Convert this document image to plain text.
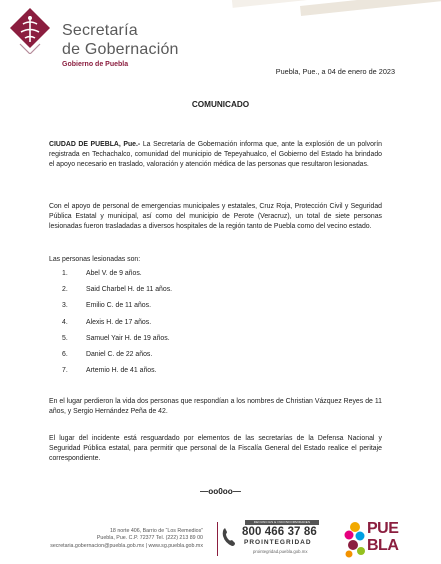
Secretaría
de Gobernación
Gobierno de Puebla
Puebla, Pue., a 04 de enero de 2023
COMUNICADO

CIUDAD DE PUEBLA, Pue.- La Secretaría de Gobernación informa que, ante la explosión de un polvorín registrada en Techachalco, comunidad del municipio de Tepeyahualco, el Gobierno del Estado ha brindado el apoyo necesario en traslado, valoración y atención médica de las personas que resultaron lesionadas.

Con el apoyo de personal de emergencias municipales y estatales, Cruz Roja, Protección Civil y Seguridad Pública Estatal y municipal, así como del municipio de Perote (Veracruz), un total de siete personas lesionadas fueron trasladadas a diversos hospitales de la región tanto de Puebla como del vecino estado.

Las personas lesionadas son:

1.	Abel V. de 9 años.
2.	Said Charbel H. de 11 años.
3.	Emilio C. de 11 años.
4.	Alexis H. de 17 años.
5.	Samuel Yair H. de 19 años.
6.	Daniel C. de 22 años.
7.	Artemio H. de 41 años.

En el lugar perdieron la vida dos personas que respondían a los nombres de Christian Vázquez Reyes de 11 años, y Sergio Hernández Peña de 42.

El lugar del incidente está resguardado por elementos de las secretarías de la Defensa Nacional y Seguridad Pública estatal, para permitir que personal de la Fiscalía General del Estado realice el peritaje correspondiente.

—oo0oo—
18 norte 406, Barrio de “Los Remedios”
Puebla, Pue. C.P. 72377 Tel. (222) 213 89 00
secretaria.gobernacion@puebla.gob.mx | www.sg.puebla.gob.mx
DENUNCIAS E INCONFORMIDADES
800 466 37 86
PROINTEGRIDAD
prointegridad.puebla.gob.mx
PUE
BLA
